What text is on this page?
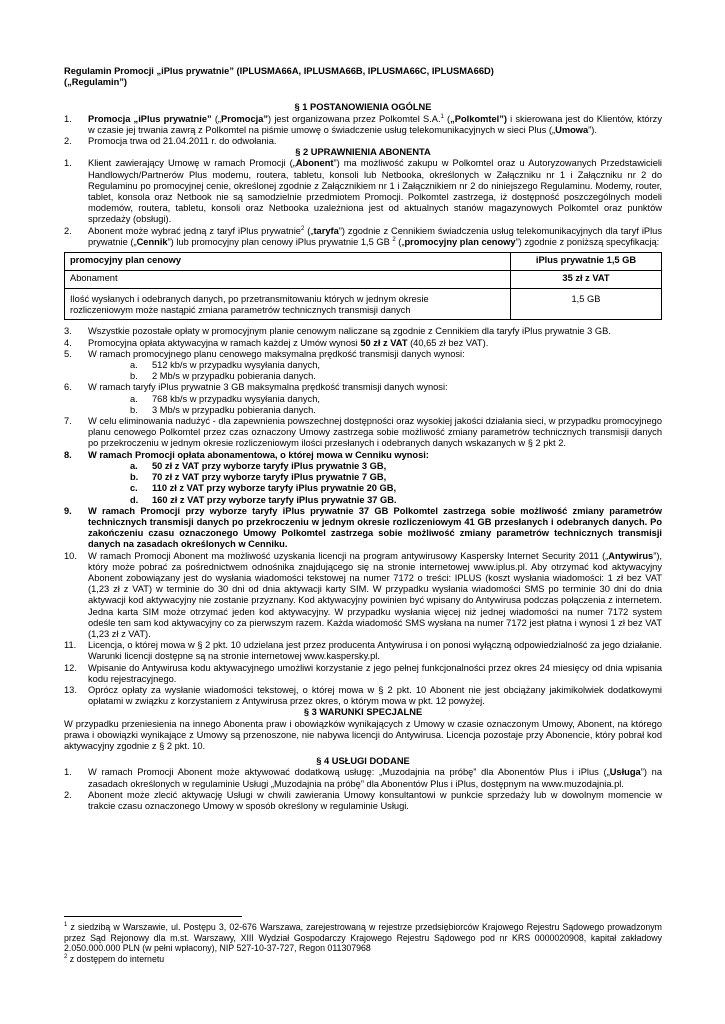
Regulamin Promocji „iPlus prywatnie” (IPLUSMA66A, IPLUSMA66B, IPLUSMA66C, IPLUSMA66D)
(„Regulamin”)

§ 1 POSTANOWIENIA OGÓLNE

1. Promocja „iPlus prywatnie” („Promocja”) jest organizowana przez Polkomtel S.A.$^1$ („Polkomtel”) i skierowana jest do Klientów, którzy w czasie jej trwania zawrą z Polkomtel na piśmie umowę o świadczenie usług telekomunikacyjnych w sieci Plus („Umowa”).
2. Promocja trwa od 21.04.2011 r. do odwołania.

§ 2 UPRAWNIENIA ABONENTA

1. Klient zawierający Umowę w ramach Promocji („Abonent”) ma możliwość zakupu w Polkomtel oraz u Autoryzowanych Przedstawicieli Handlowych/Partnerów Plus modemu, routera, tabletu, konsoli lub Netbooka, określonych w Załączniku nr 1 i Załączniku nr 2 do Regulaminu po promocyjnej cenie, określonej zgodnie z Załącznikiem nr 1 i Załącznikiem nr 2 do niniejszego Regulaminu. Modemy, router, tablet, konsola oraz Netbook nie są samodzielnie przedmiotem Promocji. Polkomtel zastrzega, iż dostępność poszczególnych modeli modemów, routera, tabletu, konsoli oraz Netbooka uzależniona jest od aktualnych stanów magazynowych Polkomtel oraz punktów sprzedaży (obsługi).
2. Abonent może wybrać jedną z taryf iPlus prywatnie$^2$ („taryfa”) zgodnie z Cennikiem świadczenia usług telekomunikacyjnych dla taryf iPlus prywatnie („Cennik”) lub promocyjny plan cenowy iPlus prywatnie 1,5 GB $^2$ („promocyjny plan cenowy”) zgodnie z poniższą specyfikacją:
promocyjny plan cenowy	iPlus prywatnie 1,5 GB
Abonament	35 zł z VAT

Ilość wysłanych i odebranych danych, po przetransmitowaniu których w jednym okresie rozliczeniowym może nastąpić zmiana parametrów technicznych transmisji danych	1,5 GB
3. Wszystkie pozostałe opłaty w promocyjnym planie cenowym naliczane są zgodnie z Cennikiem dla taryfy iPlus prywatnie 3 GB.
4. Promocyjna opłata aktywacyjna w ramach każdej z Umów wynosi 50 zł z VAT (40,65 zł bez VAT).
5. W ramach promocyjnego planu cenowego maksymalna prędkość transmisji danych wynosi:
a. 512 kb/s w przypadku wysyłania danych,
b. 2 Mb/s w przypadku pobierania danych.
6. W ramach taryfy iPlus prywatnie 3 GB maksymalna prędkość transmisji danych wynosi:
a. 768 kb/s w przypadku wysyłania danych,
b. 3 Mb/s w przypadku pobierania danych.
7. W celu eliminowania nadużyć - dla zapewnienia powszechnej dostępności oraz wysokiej jakości działania sieci, w przypadku promocyjnego planu cenowego Polkomtel przez czas oznaczony Umowy zastrzega sobie możliwość zmiany parametrów technicznych transmisji danych po przekroczeniu w jednym okresie rozliczeniowym ilości przesłanych i odebranych danych wskazanych w § 2 pkt 2.
8. W ramach Promocji opłata abonamentowa, o której mowa w Cenniku wynosi:
a. 50 zł z VAT przy wyborze taryfy iPlus prywatnie 3 GB,
b. 70 zł z VAT przy wyborze taryfy iPlus prywatnie 7 GB,
c. 110 zł z VAT przy wyborze taryfy iPlus prywatnie 20 GB,
d. 160 zł z VAT przy wyborze taryfy iPlus prywatnie 37 GB.
9. W ramach Promocji przy wyborze taryfy iPlus prywatnie 37 GB Polkomtel zastrzega sobie możliwość zmiany parametrów technicznych transmisji danych po przekroczeniu w jednym okresie rozliczeniowym 41 GB przesłanych i odebranych danych. Po zakończeniu czasu oznaczonego Umowy Polkomtel zastrzega sobie możliwość zmiany parametrów technicznych transmisji danych na zasadach określonych w Cenniku.
10. W ramach Promocji Abonent ma możliwość uzyskania licencji na program antywirusowy Kaspersky Internet Security 2011 („Antywirus”), który może pobrać za pośrednictwem odnośnika znajdującego się na stronie internetowej www.iplus.pl. Aby otrzymać kod aktywacyjny Abonent zobowiązany jest do wysłania wiadomości tekstowej na numer 7172 o treści: IPLUS (koszt wysłania wiadomości: 1 zł bez VAT (1,23 zł z VAT) w terminie do 30 dni od dnia aktywacji karty SIM. W przypadku wysłania wiadomości SMS po terminie 30 dni do dnia aktywacji kod aktywacyjny nie zostanie przyznany. Kod aktywacyjny powinien być wpisany do Antywirusa podczas połączenia z internetem. Jedna karta SIM może otrzymać jeden kod aktywacyjny. W przypadku wysłania więcej niż jednej wiadomości na numer 7172 system odeśle ten sam kod aktywacyjny co za pierwszym razem. Każda wiadomość SMS wysłana na numer 7172 jest płatna i wynosi 1 zł bez VAT (1,23 zł z VAT).
11. Licencja, o której mowa w § 2 pkt. 10 udzielana jest przez producenta Antywirusa i on ponosi wyłączną odpowiedzialność za jego działanie. Warunki licencji dostępne są na stronie internetowej www.kaspersky.pl.
12. Wpisanie do Antywirusa kodu aktywacyjnego umożliwi korzystanie z jego pełnej funkcjonalności przez okres 24 miesięcy od dnia wpisania kodu rejestracyjnego.
13. Oprócz opłaty za wysłanie wiadomości tekstowej, o której mowa w § 2 pkt. 10 Abonent nie jest obciążany jakimikolwiek dodatkowymi opłatami w związku z korzystaniem z Antywirusa przez okres, o którym mowa w pkt. 12 powyżej.

§ 3 WARUNKI SPECJALNE

W przypadku przeniesienia na innego Abonenta praw i obowiązków wynikających z Umowy w czasie oznaczonym Umowy, Abonent, na którego prawa i obowiązki wynikające z Umowy są przenoszone, nie nabywa licencji do Antywirusa. Licencja pozostaje przy Abonencie, który pobrał kod aktywacyjny zgodnie z § 2 pkt. 10.

§ 4 USŁUGI DODANE

1. W ramach Promocji Abonent może aktywować dodatkową usługę: „Muzodajnia na próbę” dla Abonentów Plus i iPlus („Usługa”) na zasadach określonych w regulaminie Usługi „Muzodajnia na próbę” dla Abonentów Plus i iPlus, dostępnym na www.muzodajnia.pl.
2. Abonent może zlecić aktywację Usługi w chwili zawierania Umowy konsultantowi w punkcie sprzedaży lub w dowolnym momencie w trakcie czasu oznaczonego Umowy w sposób określony w regulaminie Usługi.

$^1$ z siedzibą w Warszawie, ul. Postępu 3, 02-676 Warszawa, zarejestrowaną w rejestrze przedsiębiorców Krajowego Rejestru Sądowego prowadzonym przez Sąd Rejonowy dla m.st. Warszawy, XIII Wydział Gospodarczy Krajowego Rejestru Sądowego pod nr KRS 0000020908, kapitał zakładowy 2.050.000.000 PLN (w pełni wpłacony), NIP 527-10-37-727, Regon 011307968

$^2$ z dostępem do internetu
